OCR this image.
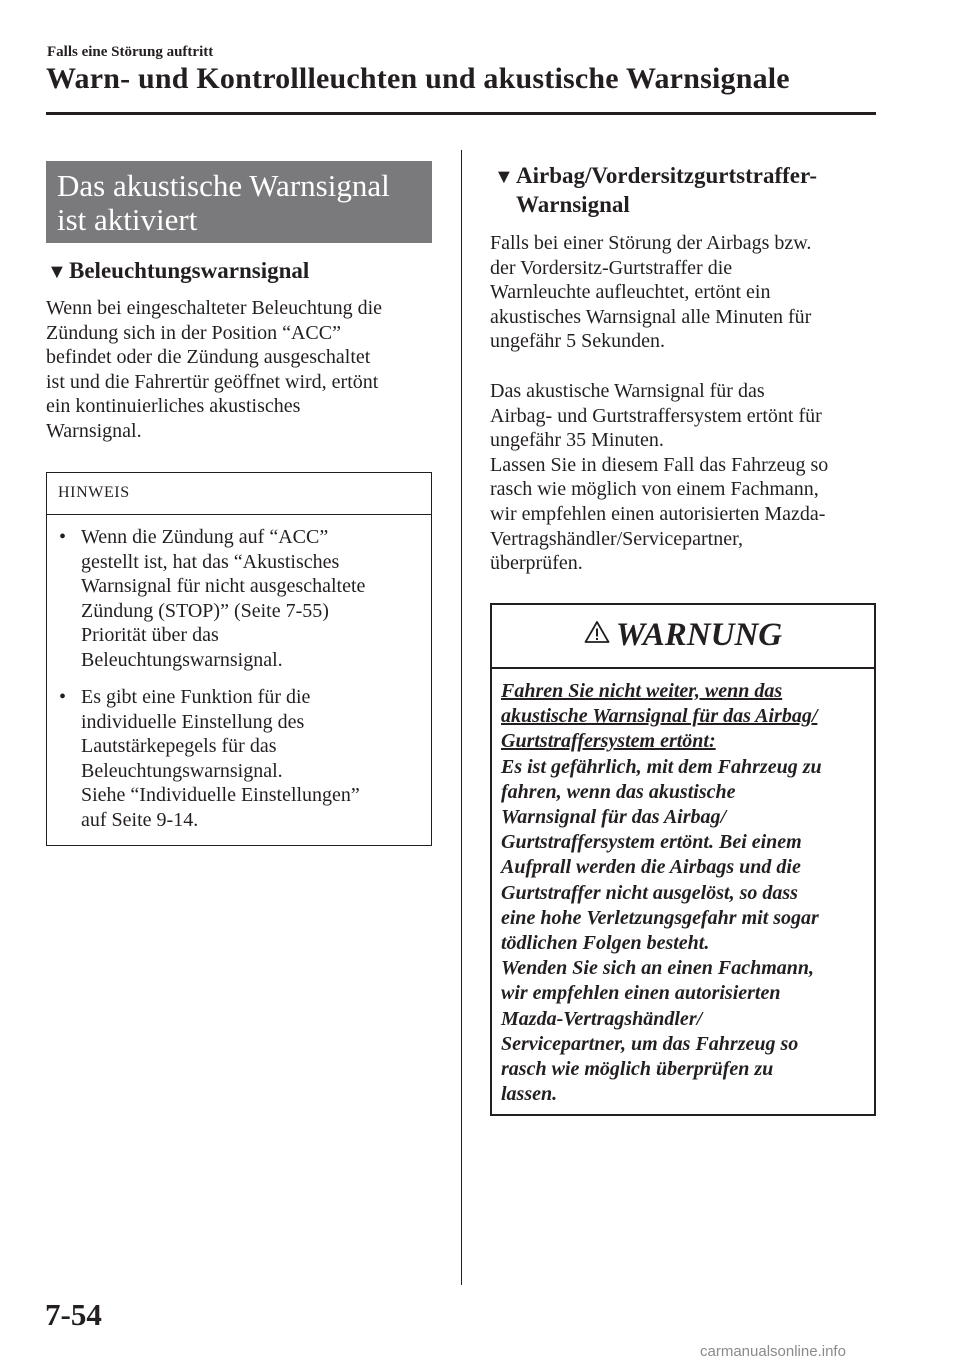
Falls eine Störung auftritt
Warn- und Kontrollleuchten und akustische Warnsignale
Das akustische Warnsignal
ist aktiviert
▼Beleuchtungswarnsignal
Wenn bei eingeschalteter Beleuchtung die
Zündung sich in der Position “ACC”
befindet oder die Zündung ausgeschaltet
ist und die Fahrertür geöffnet wird, ertönt
ein kontinuierliches akustisches
Warnsignal.
HINWEIS
• Wenn die Zündung auf “ACC”
gestellt ist, hat das “Akustisches
Warnsignal für nicht ausgeschaltete
Zündung (STOP)” (Seite 7-55)
Priorität über das
Beleuchtungswarnsignal.
• Es gibt eine Funktion für die
individuelle Einstellung des
Lautstärkepegels für das
Beleuchtungswarnsignal.
Siehe “Individuelle Einstellungen”
auf Seite 9-14.
▼Airbag/Vordersitzgurtstraffer-
Warnsignal
Falls bei einer Störung der Airbags bzw.
der Vordersitz-Gurtstraffer die
Warnleuchte aufleuchtet, ertönt ein
akustisches Warnsignal alle Minuten für
ungefähr 5 Sekunden.
Das akustische Warnsignal für das
Airbag- und Gurtstraffersystem ertönt für
ungefähr 35 Minuten.
Lassen Sie in diesem Fall das Fahrzeug so
rasch wie möglich von einem Fachmann,
wir empfehlen einen autorisierten Mazda-
Vertragshändler/Servicepartner,
überprüfen.
WARNUNG
Fahren Sie nicht weiter, wenn das
akustische Warnsignal für das Airbag/
Gurtstraffersystem ertönt:
Es ist gefährlich, mit dem Fahrzeug zu
fahren, wenn das akustische
Warnsignal für das Airbag/
Gurtstraffersystem ertönt. Bei einem
Aufprall werden die Airbags und die
Gurtstraffer nicht ausgelöst, so dass
eine hohe Verletzungsgefahr mit sogar
tödlichen Folgen besteht.
Wenden Sie sich an einen Fachmann,
wir empfehlen einen autorisierten
Mazda-Vertragshändler/
Servicepartner, um das Fahrzeug so
rasch wie möglich überprüfen zu
lassen.
7-54
carmanualsonline.info
